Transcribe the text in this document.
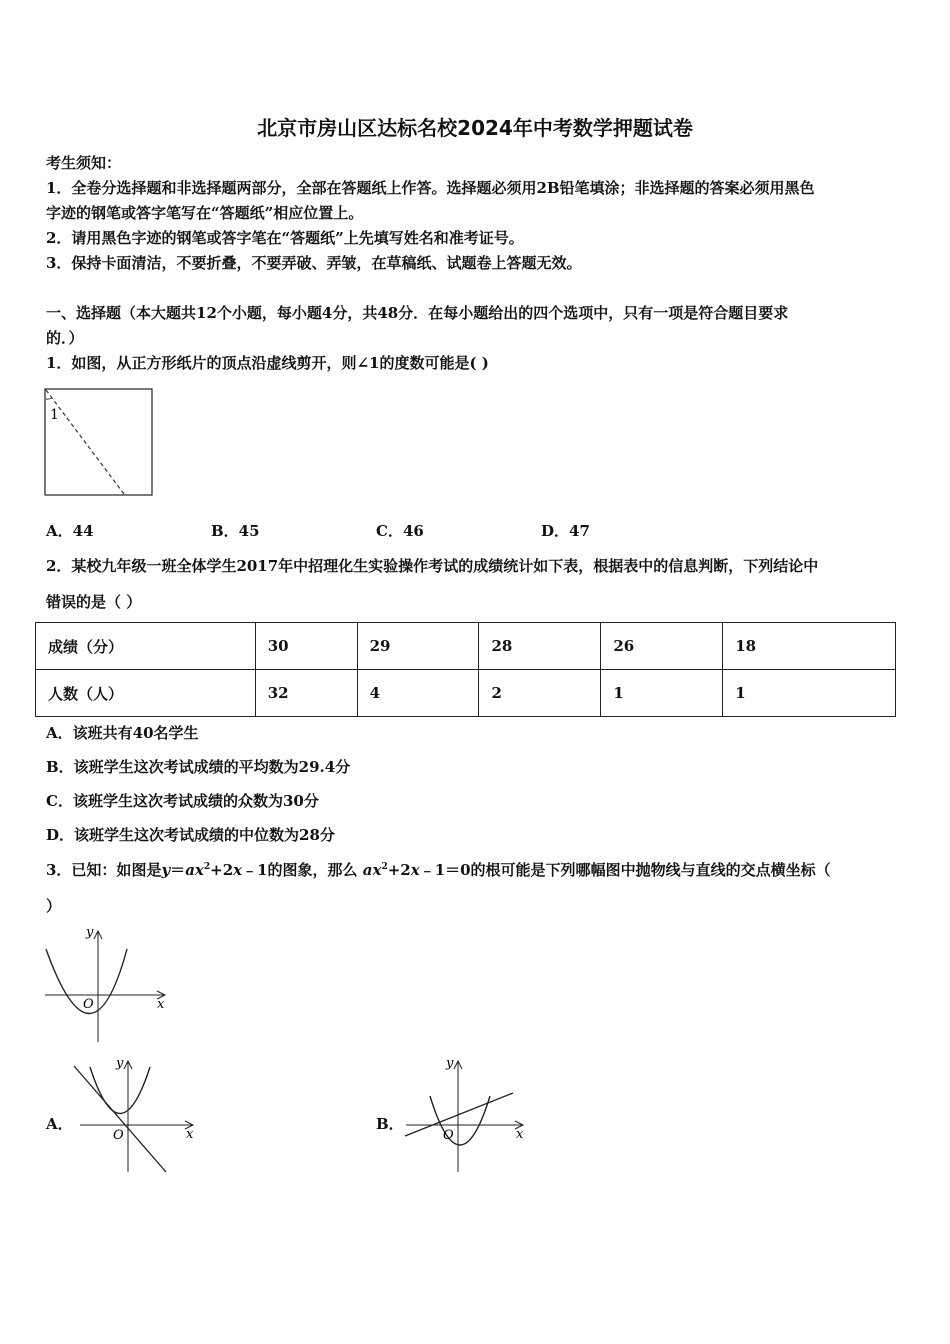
北京市房山区达标名校2024年中考数学押题试卷
考生须知：
1．全卷分选择题和非选择题两部分，全部在答题纸上作答。选择题必须用2B铅笔填涂；非选择题的答案必须用黑色
字迹的钢笔或答字笔写在“答题纸”相应位置上。
2．请用黑色字迹的钢笔或答字笔在“答题纸”上先填写姓名和准考证号。
3．保持卡面清洁，不要折叠，不要弄破、弄皱，在草稿纸、试题卷上答题无效。
一、选择题（本大题共12个小题，每小题4分，共48分．在每小题给出的四个选项中，只有一项是符合题目要求
的．）
1．如图，从正方形纸片的顶点沿虚线剪开，则∠1的度数可能是( )
1
A．44	B．45	C．46	D．47
2．某校九年级一班全体学生2017年中招理化生实验操作考试的成绩统计如下表，根据表中的信息判断，下列结论中
错误的是（ ）
成绩（分）	30	29	28	26	18
人数（人）	32	4	2	1	1
A．该班共有40名学生
B．该班学生这次考试成绩的平均数为29.4分
C．该班学生这次考试成绩的众数为30分
D．该班学生这次考试成绩的中位数为28分
3．已知：如图是$y=ax^2+2x﹣1$的图象，那么 $ax^2+2x﹣1=0$的根可能是下列哪幅图中抛物线与直线的交点横坐标（
）
y
x
O
A．
y
x
O
B．
y
x
O
